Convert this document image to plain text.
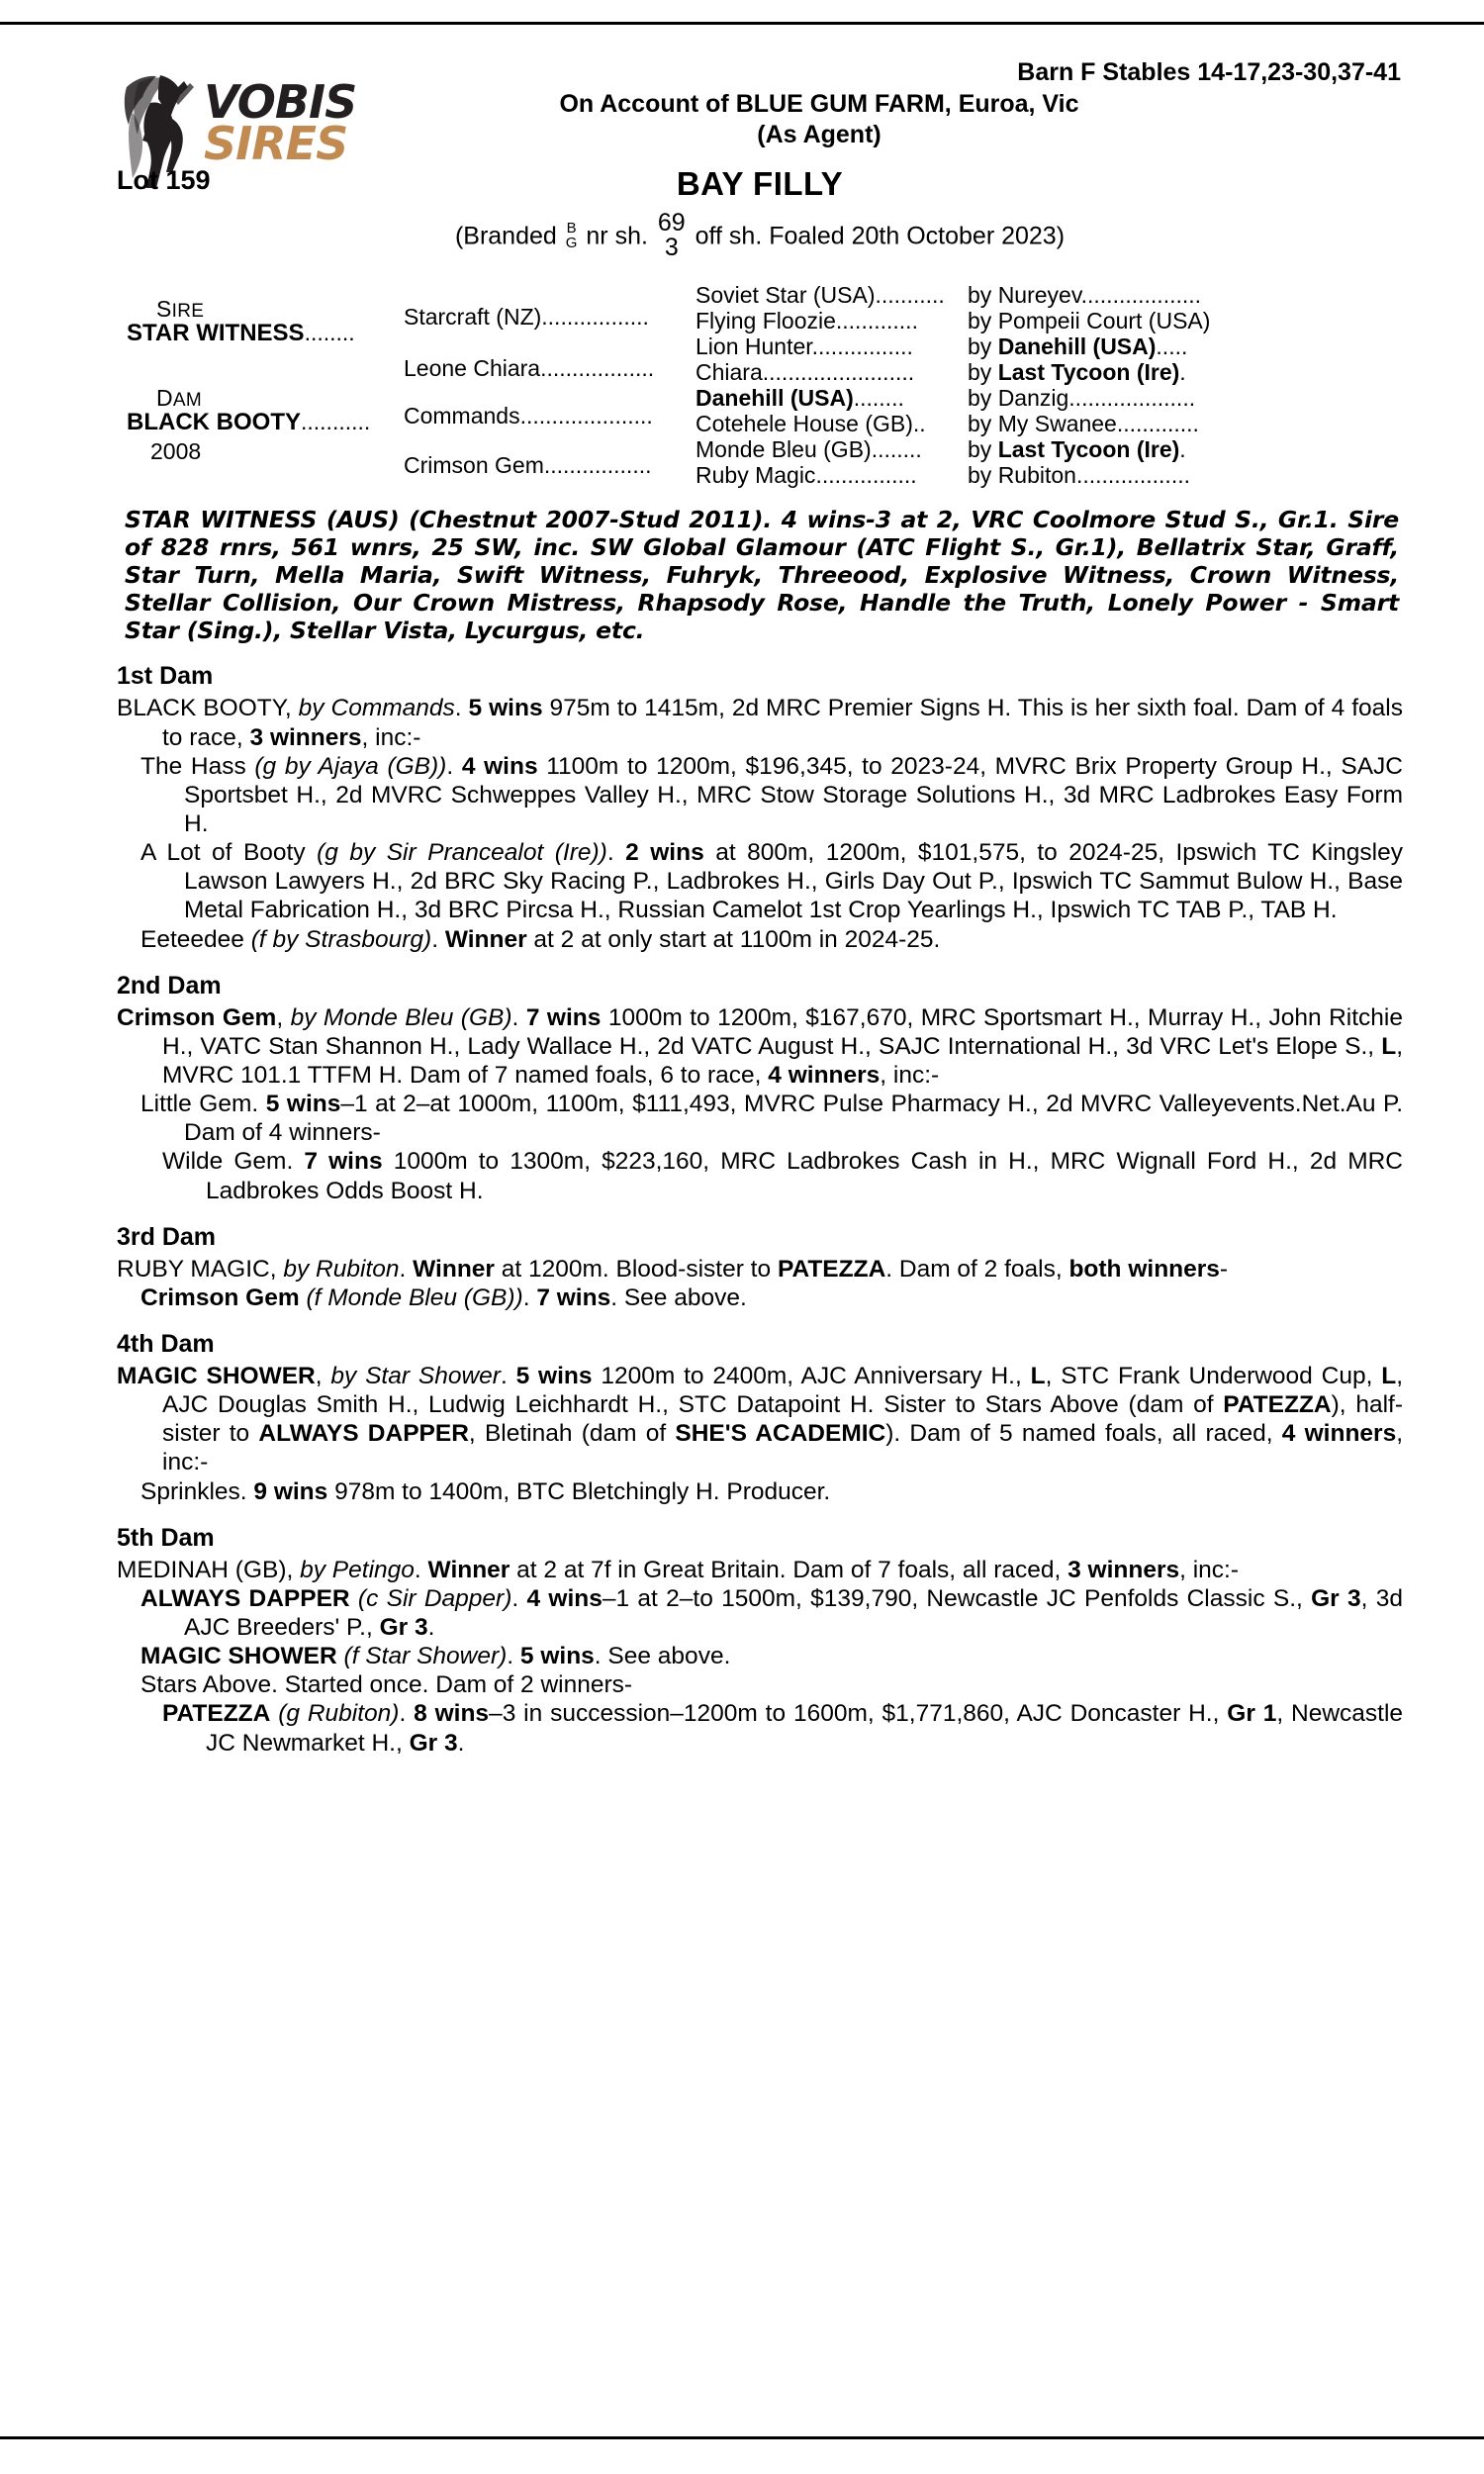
VOBIS
SIRES
Barn F Stables 14-17,23-30,37-41
On Account of BLUE GUM FARM, Euroa, Vic
(As Agent)
Lot 159	BAY FILLY
(Branded B
G nr sh. 69
3 off sh. Foaled 20th October 2023)
SIRE
STAR WITNESS........
DAM
BLACK BOOTY...........
2008
Starcraft (NZ).................
Leone Chiara..................
Commands.....................
Crimson Gem.................
Soviet Star (USA)...........
Flying Floozie.............
Lion Hunter................
Chiara........................
Danehill (USA)........
Cotehele House (GB)..
Monde Bleu (GB)........
Ruby Magic................
by Nureyev...................
by Pompeii Court (USA)
by Danehill (USA).....
by Last Tycoon (Ire).
by Danzig....................
by My Swanee.............
by Last Tycoon (Ire).
by Rubiton..................
STAR WITNESS (AUS) (Chestnut 2007-Stud 2011). 4 wins-3 at 2, VRC Coolmore Stud S., Gr.1. Sire of 828 rnrs, 561 wnrs, 25 SW, inc. SW Global Glamour (ATC Flight S., Gr.1), Bellatrix Star, Graff, Star Turn, Mella Maria, Swift Witness, Fuhryk, Threeood, Explosive Witness, Crown Witness, Stellar Collision, Our Crown Mistress, Rhapsody Rose, Handle the Truth, Lonely Power - Smart Star (Sing.), Stellar Vista, Lycurgus, etc.
1st Dam
BLACK BOOTY, by Commands. 5 wins 975m to 1415m, 2d MRC Premier Signs H. This is her sixth foal. Dam of 4 foals to race, 3 winners, inc:-
The Hass (g by Ajaya (GB)). 4 wins 1100m to 1200m, $196,345, to 2023-24, MVRC Brix Property Group H., SAJC Sportsbet H., 2d MVRC Schweppes Valley H., MRC Stow Storage Solutions H., 3d MRC Ladbrokes Easy Form H.
A Lot of Booty (g by Sir Prancealot (Ire)). 2 wins at 800m, 1200m, $101,575, to 2024-25, Ipswich TC Kingsley Lawson Lawyers H., 2d BRC Sky Racing P., Ladbrokes H., Girls Day Out P., Ipswich TC Sammut Bulow H., Base Metal Fabrication H., 3d BRC Pircsa H., Russian Camelot 1st Crop Yearlings H., Ipswich TC TAB P., TAB H.
Eeteedee (f by Strasbourg). Winner at 2 at only start at 1100m in 2024-25.
2nd Dam
Crimson Gem, by Monde Bleu (GB). 7 wins 1000m to 1200m, $167,670, MRC Sportsmart H., Murray H., John Ritchie H., VATC Stan Shannon H., Lady Wallace H., 2d VATC August H., SAJC International H., 3d VRC Let's Elope S., L, MVRC 101.1 TTFM H. Dam of 7 named foals, 6 to race, 4 winners, inc:-
Little Gem. 5 wins–1 at 2–at 1000m, 1100m, $111,493, MVRC Pulse Pharmacy H., 2d MVRC Valleyevents.Net.Au P. Dam of 4 winners-
Wilde Gem. 7 wins 1000m to 1300m, $223,160, MRC Ladbrokes Cash in H., MRC Wignall Ford H., 2d MRC Ladbrokes Odds Boost H.
3rd Dam
RUBY MAGIC, by Rubiton. Winner at 1200m. Blood-sister to PATEZZA. Dam of 2 foals, both winners-
Crimson Gem (f Monde Bleu (GB)). 7 wins. See above.
4th Dam
MAGIC SHOWER, by Star Shower. 5 wins 1200m to 2400m, AJC Anniversary H., L, STC Frank Underwood Cup, L, AJC Douglas Smith H., Ludwig Leichhardt H., STC Datapoint H. Sister to Stars Above (dam of PATEZZA), half-sister to ALWAYS DAPPER, Bletinah (dam of SHE'S ACADEMIC). Dam of 5 named foals, all raced, 4 winners, inc:-
Sprinkles. 9 wins 978m to 1400m, BTC Bletchingly H. Producer.
5th Dam
MEDINAH (GB), by Petingo. Winner at 2 at 7f in Great Britain. Dam of 7 foals, all raced, 3 winners, inc:-
ALWAYS DAPPER (c Sir Dapper). 4 wins–1 at 2–to 1500m, $139,790, Newcastle JC Penfolds Classic S., Gr 3, 3d AJC Breeders' P., Gr 3.
MAGIC SHOWER (f Star Shower). 5 wins. See above.
Stars Above. Started once. Dam of 2 winners-
PATEZZA (g Rubiton). 8 wins–3 in succession–1200m to 1600m, $1,771,860, AJC Doncaster H., Gr 1, Newcastle JC Newmarket H., Gr 3.
